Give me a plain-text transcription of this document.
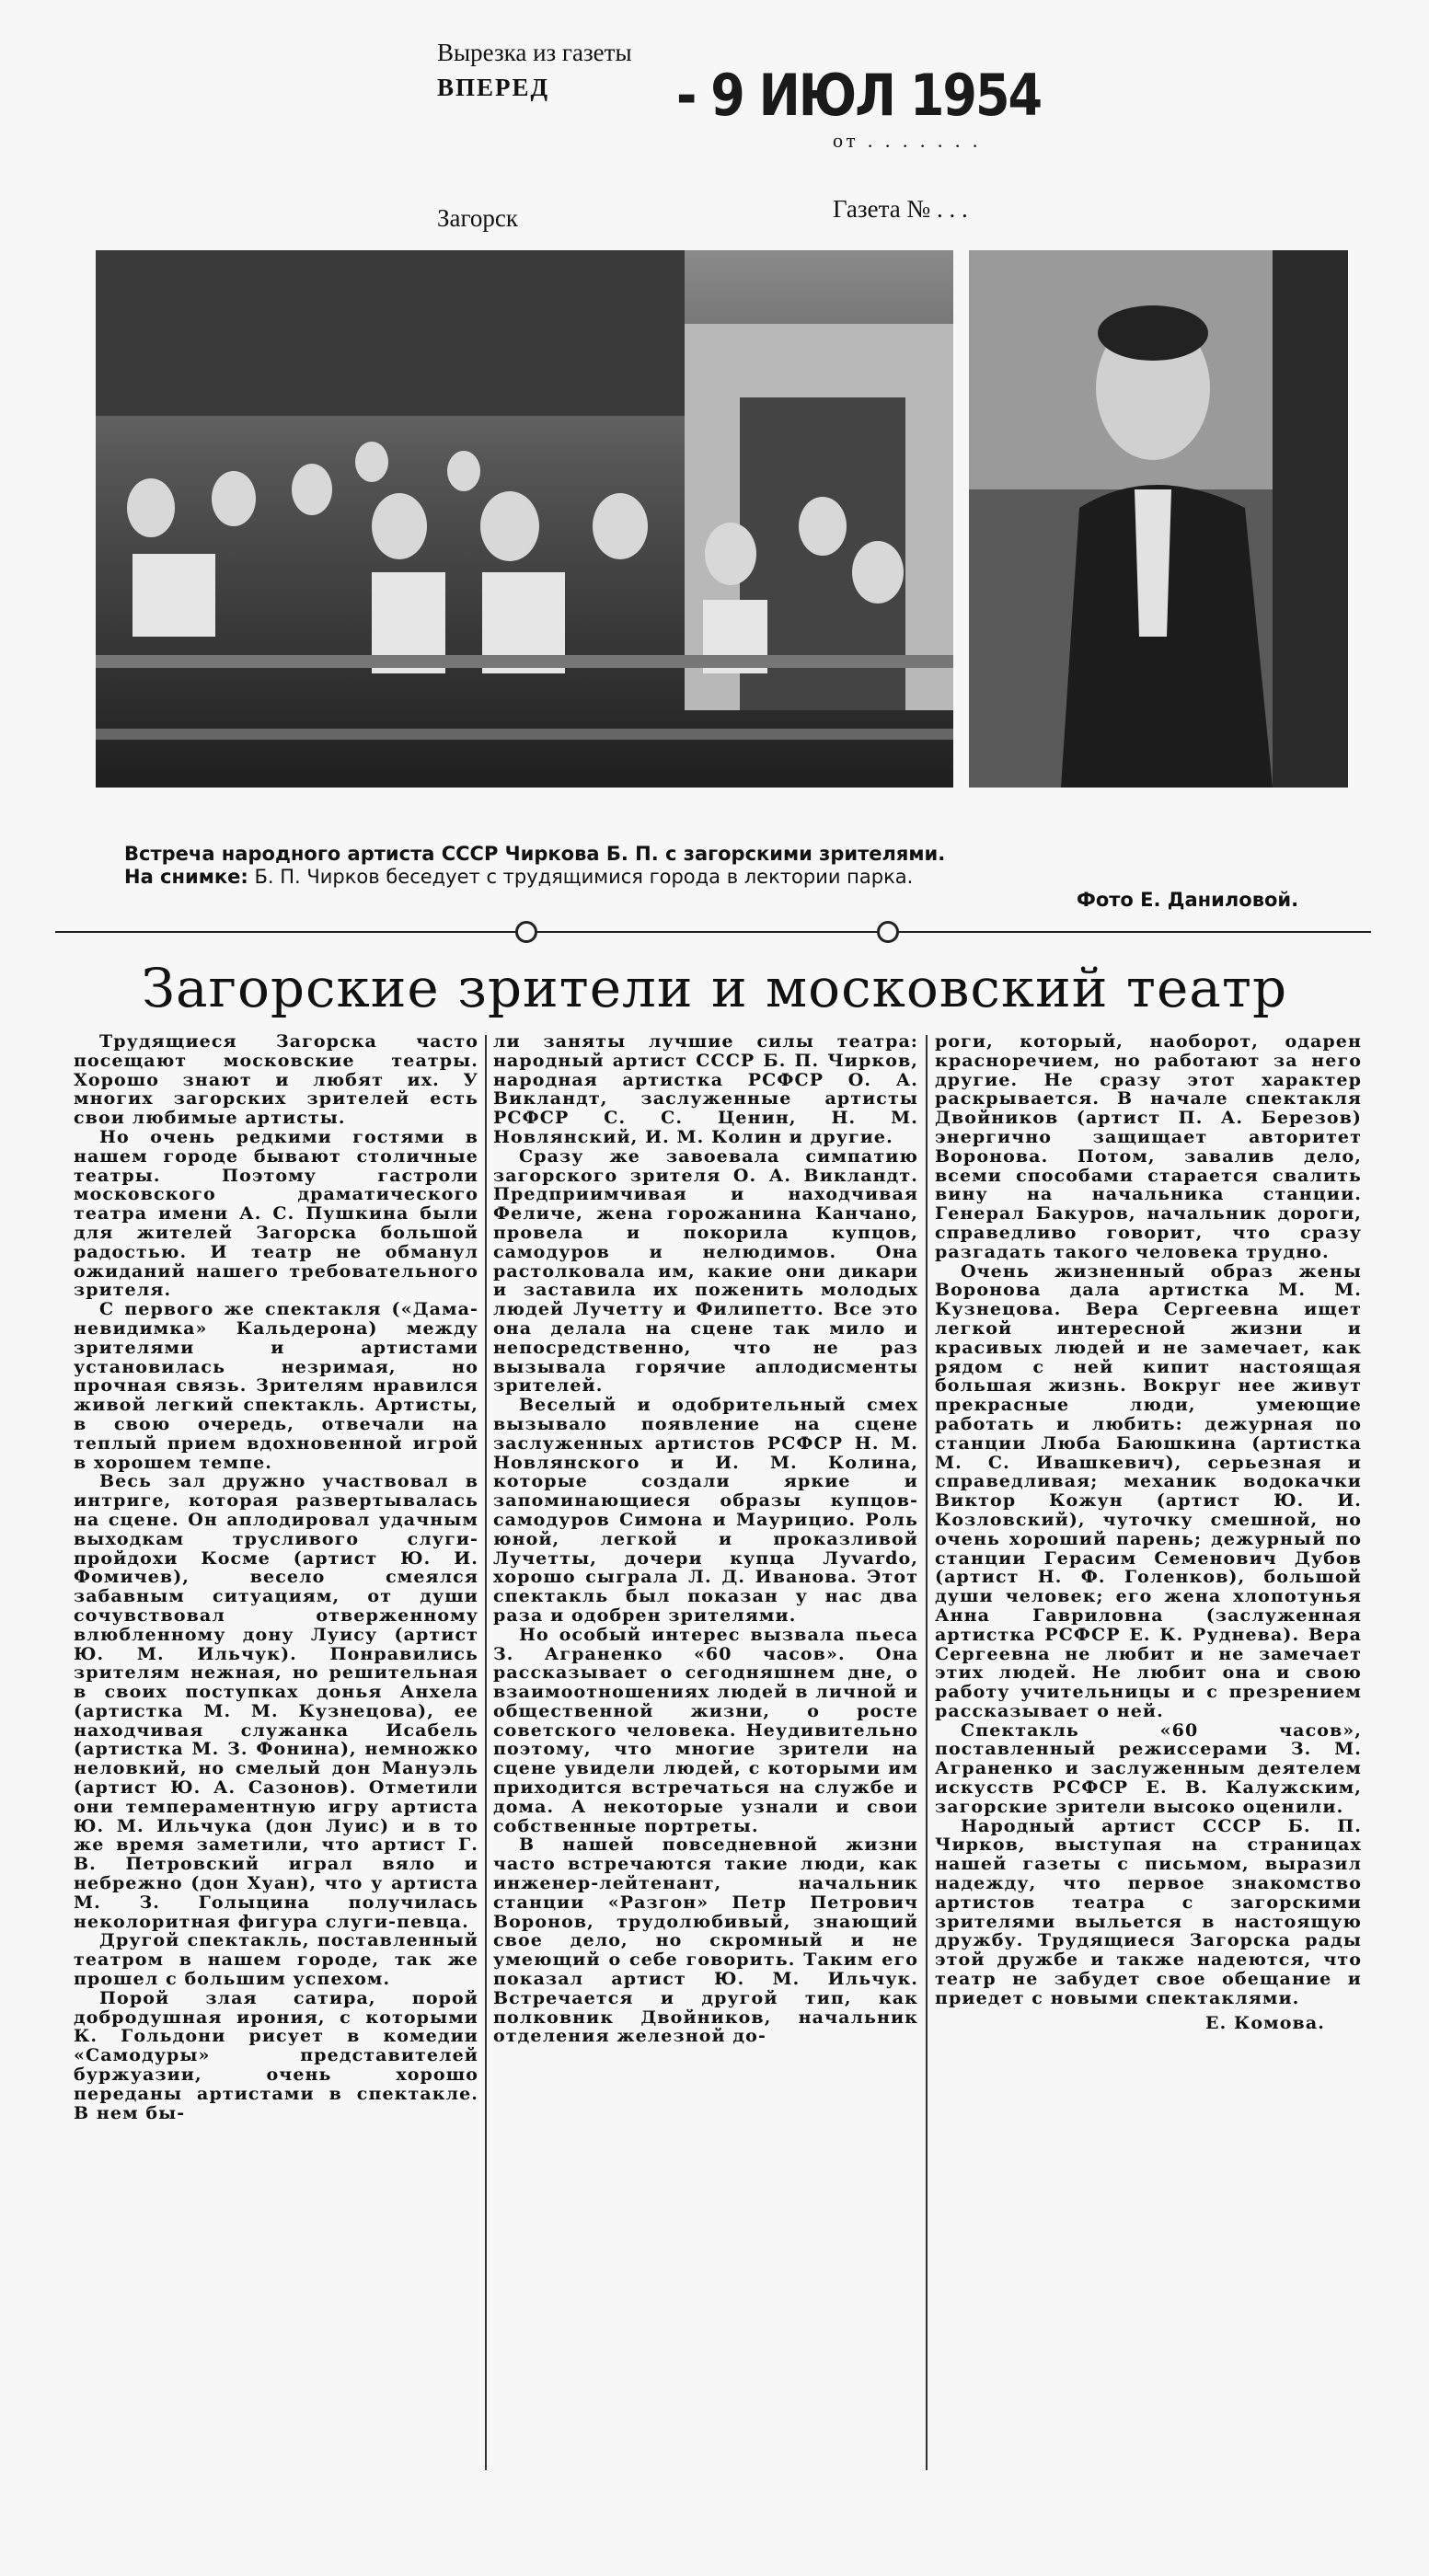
Вырезка из газеты
ВПЕРЕД	- 9 ИЮЛ 1954
от . . . . . . .
Загорск	Газета № . . .
Встреча народного артиста СССР Чиркова Б. П. с загорскими зрителями.
На снимке: Б. П. Чирков беседует с трудящимися города в лектории парка.
Фото Е. Даниловой.
Загорские зрители и московский театр

Трудящиеся Загорска часто посещают московские театры. Хорошо знают и любят их. У многих загорских зрителей есть свои любимые артисты.

Но очень редкими гостями в нашем городе бывают столичные театры. Поэтому гастроли московского драматического театра имени А. С. Пушкина были для жителей Загорска большой радостью. И театр не обманул ожиданий нашего требовательного зрителя.

С первого же спектакля («Дама-невидимка» Кальдерона) между зрителями и артистами установилась незримая, но прочная связь. Зрителям нравился живой легкий спектакль. Артисты, в свою очередь, отвечали на теплый прием вдохновенной игрой в хорошем темпе.

Весь зал дружно участвовал в интриге, которая развертывалась на сцене. Он аплодировал удачным выходкам трусливого слуги-пройдохи Косме (артист Ю. И. Фомичев), весело смеялся забавным ситуациям, от души сочувствовал отверженному влюбленному дону Луису (артист Ю. М. Ильчук). Понравились зрителям нежная, но решительная в своих поступках донья Анхела (артистка М. М. Кузнецова), ее находчивая служанка Исабель (артистка М. З. Фонина), немножко неловкий, но смелый дон Мануэль (артист Ю. А. Сазонов). Отметили они темпераментную игру артиста Ю. М. Ильчука (дон Луис) и в то же время заметили, что артист Г. В. Петровский играл вяло и небрежно (дон Хуан), что у артиста М. З. Голыцина получилась неколоритная фигура слуги-певца.

Другой спектакль, поставленный театром в нашем городе, так же прошел с большим успехом.

Порой злая сатира, порой добродушная ирония, с которыми К. Гольдони рисует в комедии «Самодуры» представителей буржуазии, очень хорошо переданы артистами в спектакле. В нем бы-

ли заняты лучшие силы театра: народный артист СССР Б. П. Чирков, народная артистка РСФСР О. А. Викландт, заслуженные артисты РСФСР С. С. Ценин, Н. М. Новлянский, И. М. Колин и другие.

Сразу же завоевала симпатию загорского зрителя О. А. Викландт. Предприимчивая и находчивая Феличе, жена горожанина Канчано, провела и покорила купцов, самодуров и нелюдимов. Она растолковала им, какие они дикари и заставила их поженить молодых людей Лучетту и Филипетто. Все это она делала на сцене так мило и непосредственно, что не раз вызывала горячие аплодисменты зрителей.

Веселый и одобрительный смех вызывало появление на сцене заслуженных артистов РСФСР Н. М. Новлянского и И. М. Колина, которые создали яркие и запоминающиеся образы купцов-самодуров Симона и Маурицио. Роль юной, легкой и проказливой Лучетты, дочери купца Луvardo, хорошо сыграла Л. Д. Иванова. Этот спектакль был показан у нас два раза и одобрен зрителями.

Но особый интерес вызвала пьеса З. Аграненко «60 часов». Она рассказывает о сегодняшнем дне, о взаимоотношениях людей в личной и общественной жизни, о росте советского человека. Неудивительно поэтому, что многие зрители на сцене увидели людей, с которыми им приходится встречаться на службе и дома. А некоторые узнали и свои собственные портреты.

В нашей повседневной жизни часто встречаются такие люди, как инженер-лейтенант, начальник станции «Разгон» Петр Петрович Воронов, трудолюбивый, знающий свое дело, но скромный и не умеющий о себе говорить. Таким его показал артист Ю. М. Ильчук. Встречается и другой тип, как полковник Двойников, начальник отделения железной до-

роги, который, наоборот, одарен красноречием, но работают за него другие. Не сразу этот характер раскрывается. В начале спектакля Двойников (артист П. А. Березов) энергично защищает авторитет Воронова. Потом, завалив дело, всеми способами старается свалить вину на начальника станции. Генерал Бакуров, начальник дороги, справедливо говорит, что сразу разгадать такого человека трудно.

Очень жизненный образ жены Воронова дала артистка М. М. Кузнецова. Вера Сергеевна ищет легкой интересной жизни и красивых людей и не замечает, как рядом с ней кипит настоящая большая жизнь. Вокруг нее живут прекрасные люди, умеющие работать и любить: дежурная по станции Люба Баюшкина (артистка М. С. Ивашкевич), серьезная и справедливая; механик водокачки Виктор Кожун (артист Ю. И. Козловский), чуточку смешной, но очень хороший парень; дежурный по станции Герасим Семенович Дубов (артист Н. Ф. Голенков), большой души человек; его жена хлопотунья Анна Гавриловна (заслуженная артистка РСФСР Е. К. Руднева). Вера Сергеевна не любит и не замечает этих людей. Не любит она и свою работу учительницы и с презрением рассказывает о ней.

Спектакль «60 часов», поставленный режиссерами З. М. Аграненко и заслуженным деятелем искусств РСФСР Е. В. Калужским, загорские зрители высоко оценили.

Народный артист СССР Б. П. Чирков, выступая на страницах нашей газеты с письмом, выразил надежду, что первое знакомство артистов театра с загорскими зрителями выльется в настоящую дружбу. Трудящиеся Загорска рады этой дружбе и также надеются, что театр не забудет свое обещание и приедет с новыми спектаклями.

Е. Комова.
